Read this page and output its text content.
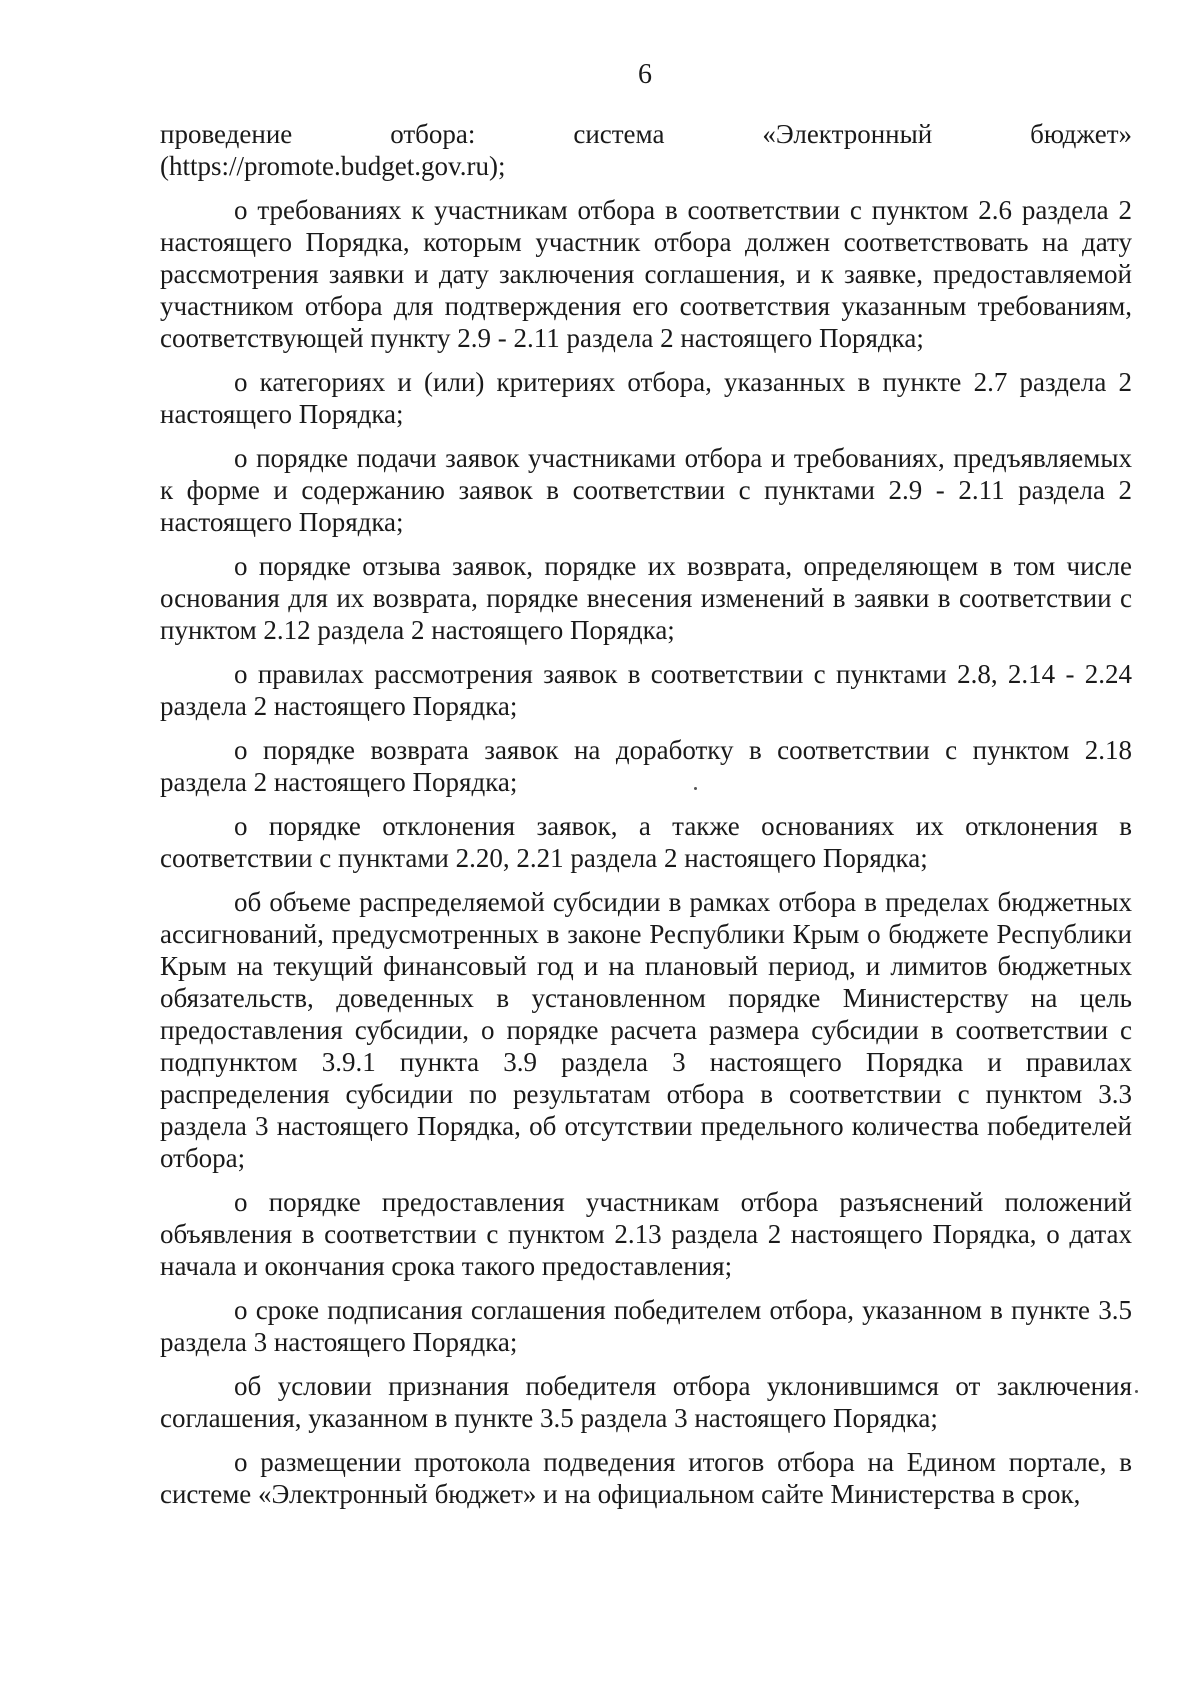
6

проведение отбора: система «Электронный бюджет»
(https://promote.budget.gov.ru);

о требованиях к участникам отбора в соответствии с пунктом 2.6 раздела 2 настоящего Порядка, которым участник отбора должен соответствовать на дату рассмотрения заявки и дату заключения соглашения, и к заявке, предоставляемой участником отбора для подтверждения его соответствия указанным требованиям, соответствующей пункту 2.9 - 2.11 раздела 2 настоящего Порядка;

о категориях и (или) критериях отбора, указанных в пункте 2.7 раздела 2 настоящего Порядка;

о порядке подачи заявок участниками отбора и требованиях, предъявляемых к форме и содержанию заявок в соответствии с пунктами 2.9 - 2.11 раздела 2 настоящего Порядка;

о порядке отзыва заявок, порядке их возврата, определяющем в том числе основания для их возврата, порядке внесения изменений в заявки в соответствии с пунктом 2.12 раздела 2 настоящего Порядка;

о правилах рассмотрения заявок в соответствии с пунктами 2.8, 2.14 - 2.24 раздела 2 настоящего Порядка;

о порядке возврата заявок на доработку в соответствии с пунктом 2.18 раздела 2 настоящего Порядка;

о порядке отклонения заявок, а также основаниях их отклонения в соответствии с пунктами 2.20, 2.21 раздела 2 настоящего Порядка;

об объеме распределяемой субсидии в рамках отбора в пределах бюджетных ассигнований, предусмотренных в законе Республики Крым о бюджете Республики Крым на текущий финансовый год и на плановый период, и лимитов бюджетных обязательств, доведенных в установленном порядке Министерству на цель предоставления субсидии, о порядке расчета размера субсидии в соответствии с подпунктом 3.9.1 пункта 3.9 раздела 3 настоящего Порядка и правилах распределения субсидии по результатам отбора в соответствии с пунктом 3.3 раздела 3 настоящего Порядка, об отсутствии предельного количества победителей отбора;

о порядке предоставления участникам отбора разъяснений положений объявления в соответствии с пунктом 2.13 раздела 2 настоящего Порядка, о датах начала и окончания срока такого предоставления;

о сроке подписания соглашения победителем отбора, указанном в пункте 3.5 раздела 3 настоящего Порядка;

об условии признания победителя отбора уклонившимся от заключения соглашения, указанном в пункте 3.5 раздела 3 настоящего Порядка;

о размещении протокола подведения итогов отбора на Едином портале, в системе «Электронный бюджет» и на официальном сайте Министерства в срок,
